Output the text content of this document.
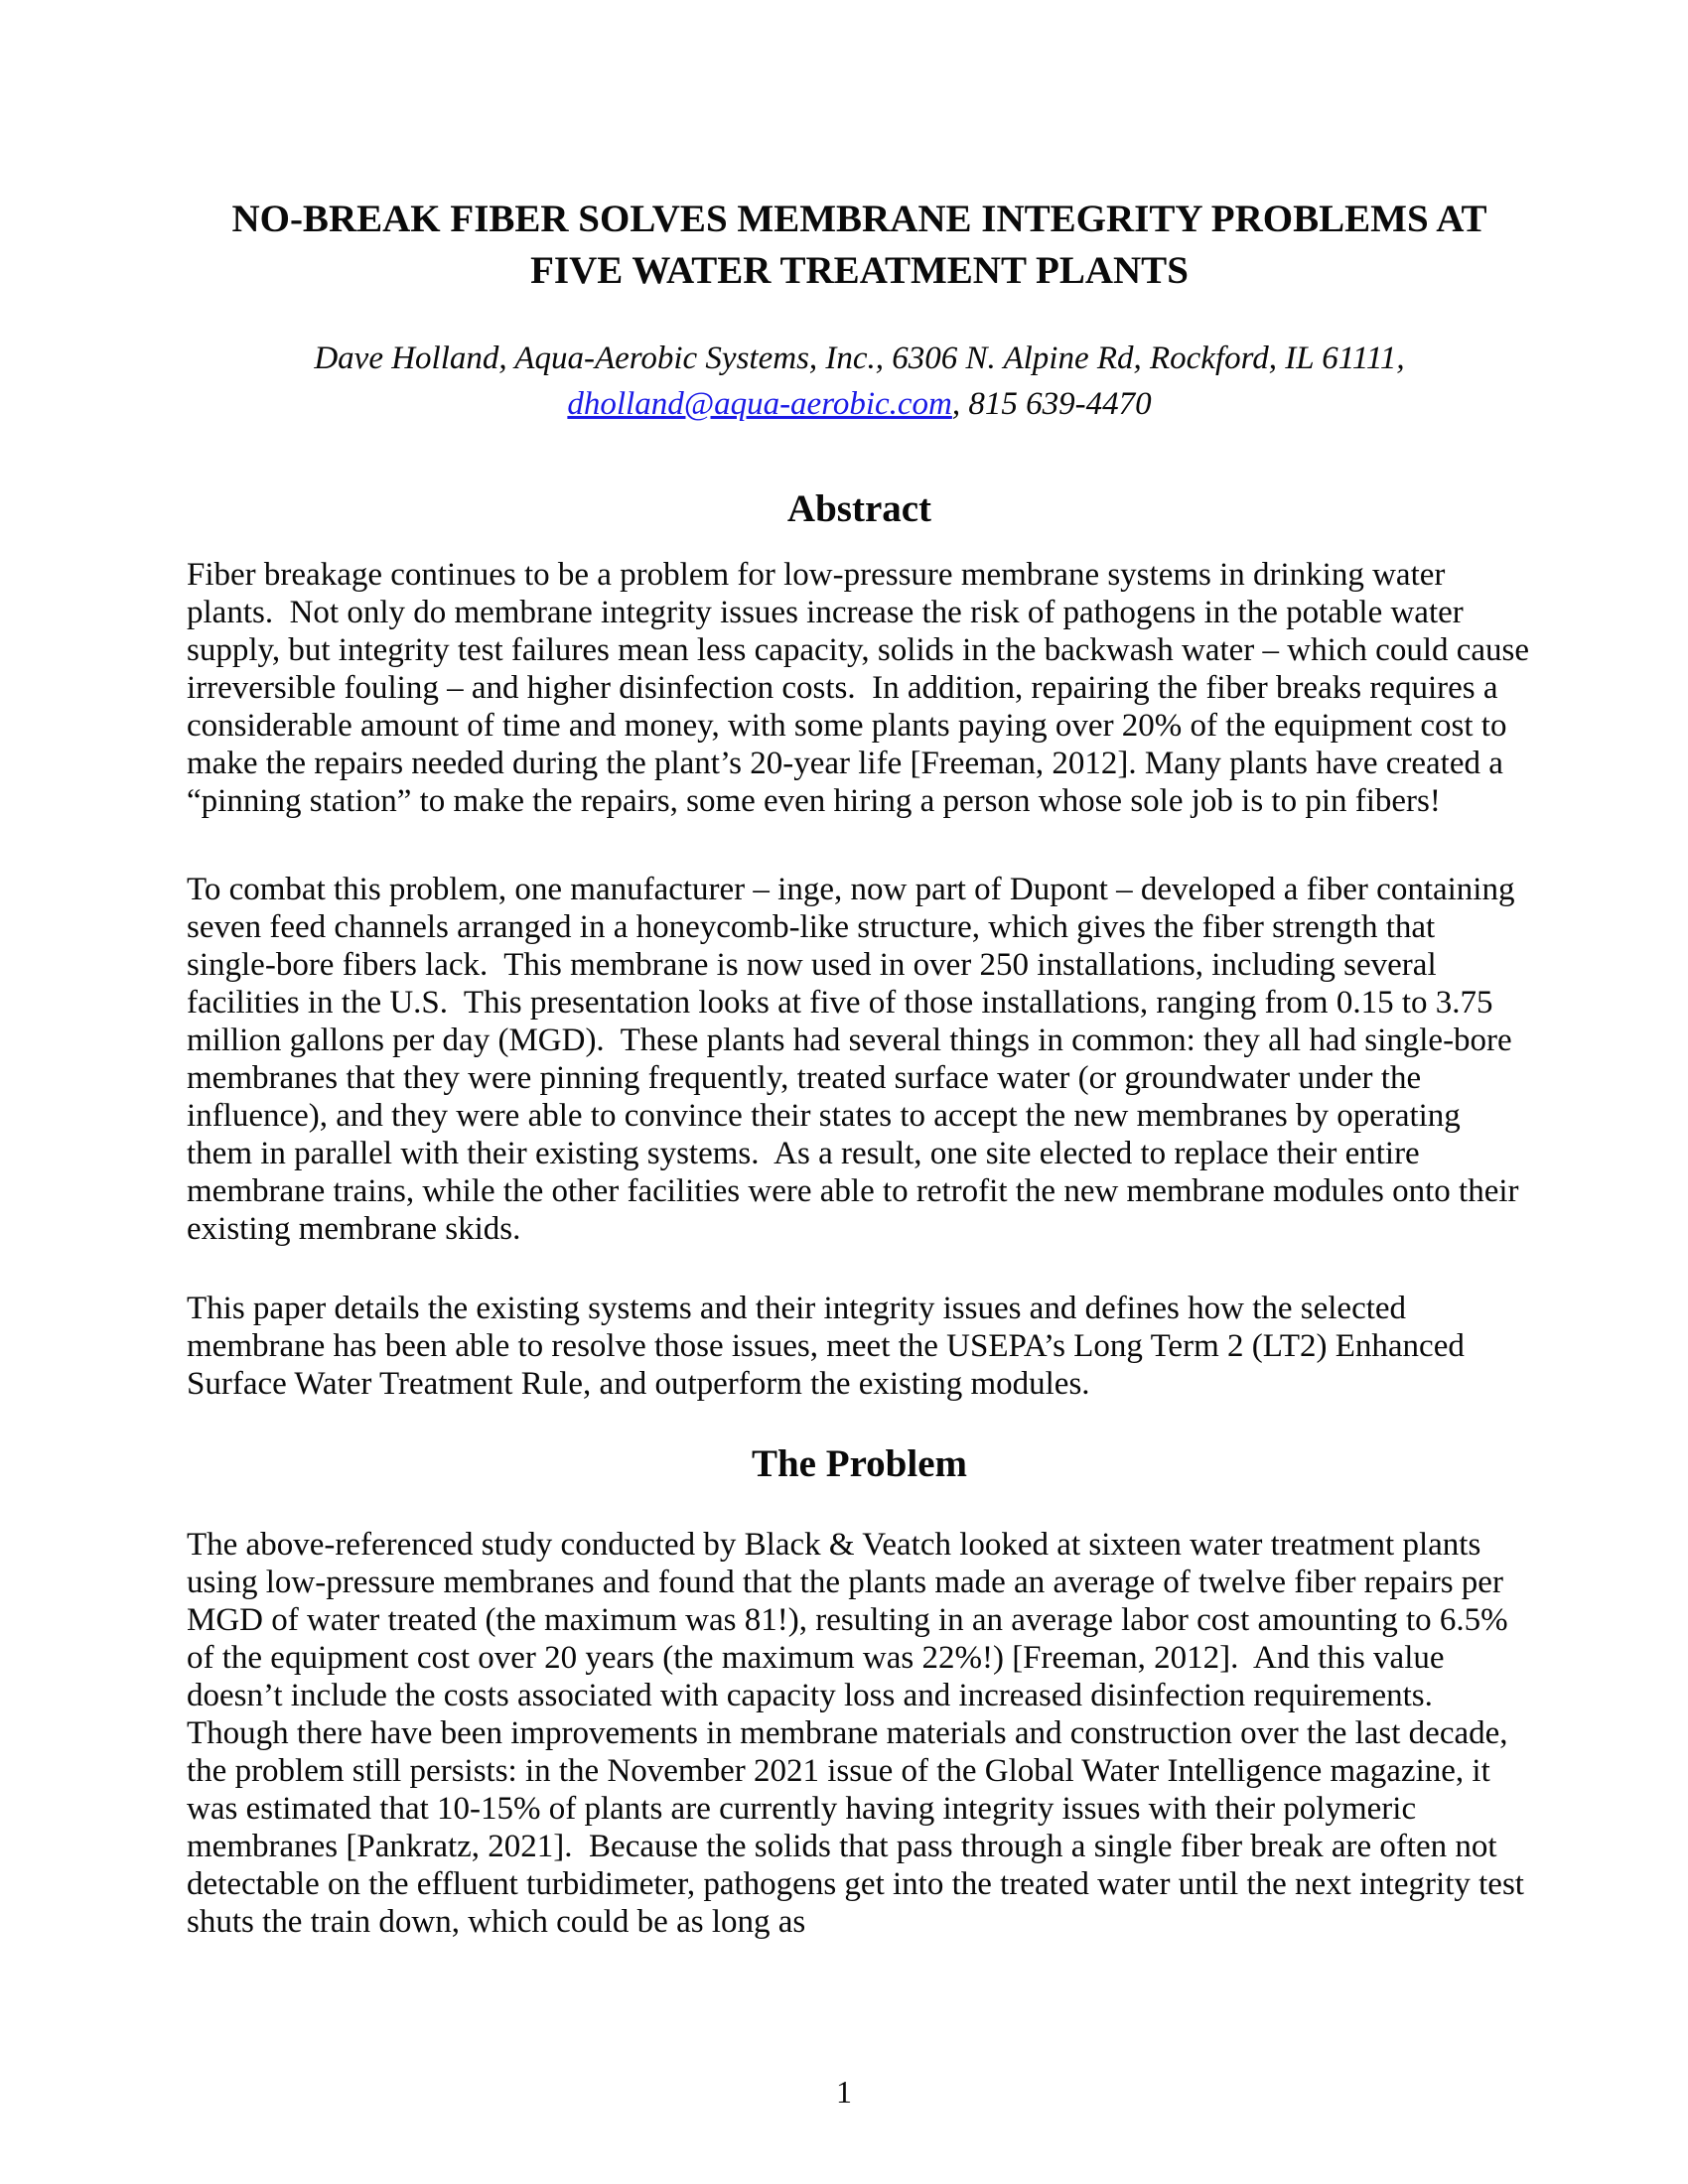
NO-BREAK FIBER SOLVES MEMBRANE INTEGRITY PROBLEMS AT
FIVE WATER TREATMENT PLANTS
Dave Holland, Aqua-Aerobic Systems, Inc., 6306 N. Alpine Rd, Rockford, IL 61111,
dholland@aqua-aerobic.com, 815 639-4470
Abstract

Fiber breakage continues to be a problem for low-pressure membrane systems in drinking water plants.  Not only do membrane integrity issues increase the risk of pathogens in the potable water supply, but integrity test failures mean less capacity, solids in the backwash water – which could cause irreversible fouling – and higher disinfection costs.  In addition, repairing the fiber breaks requires a considerable amount of time and money, with some plants paying over 20% of the equipment cost to make the repairs needed during the plant’s 20-year life [Freeman, 2012]. Many plants have created a “pinning station” to make the repairs, some even hiring a person whose sole job is to pin fibers!

To combat this problem, one manufacturer – inge, now part of Dupont – developed a fiber containing seven feed channels arranged in a honeycomb-like structure, which gives the fiber strength that single-bore fibers lack.  This membrane is now used in over 250 installations, including several facilities in the U.S.  This presentation looks at five of those installations, ranging from 0.15 to 3.75 million gallons per day (MGD).  These plants had several things in common: they all had single-bore membranes that they were pinning frequently, treated surface water (or groundwater under the influence), and they were able to convince their states to accept the new membranes by operating them in parallel with their existing systems.  As a result, one site elected to replace their entire membrane trains, while the other facilities were able to retrofit the new membrane modules onto their existing membrane skids.

This paper details the existing systems and their integrity issues and defines how the selected membrane has been able to resolve those issues, meet the USEPA’s Long Term 2 (LT2) Enhanced Surface Water Treatment Rule, and outperform the existing modules.

The Problem

The above-referenced study conducted by Black & Veatch looked at sixteen water treatment plants using low-pressure membranes and found that the plants made an average of twelve fiber repairs per MGD of water treated (the maximum was 81!), resulting in an average labor cost amounting to 6.5% of the equipment cost over 20 years (the maximum was 22%!) [Freeman, 2012].  And this value doesn’t include the costs associated with capacity loss and increased disinfection requirements.  Though there have been improvements in membrane materials and construction over the last decade, the problem still persists: in the November 2021 issue of the Global Water Intelligence magazine, it was estimated that 10-15% of plants are currently having integrity issues with their polymeric membranes [Pankratz, 2021].  Because the solids that pass through a single fiber break are often not detectable on the effluent turbidimeter, pathogens get into the treated water until the next integrity test shuts the train down, which could be as long as

1
